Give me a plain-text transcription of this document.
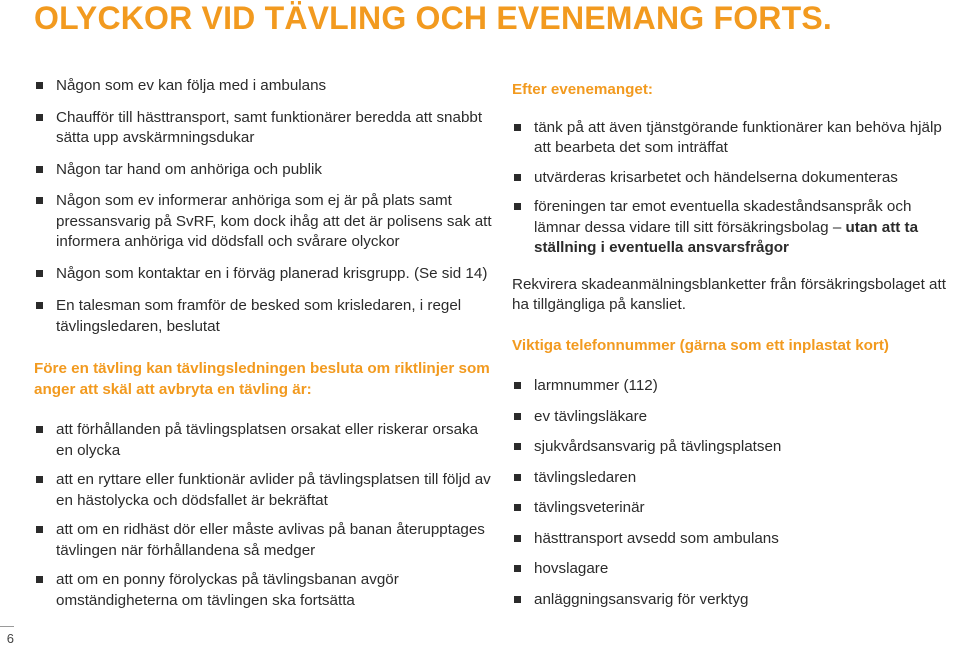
OLYCKOR VID TÄVLING OCH EVENEMANG FORTS.
Någon som ev kan följa med i ambulans
Chaufför till hästtransport, samt funktionärer beredda att snabbt sätta upp avskärmningsdukar
Någon tar hand om anhöriga och publik
Någon som ev informerar anhöriga som ej är på plats samt pressansvarig på SvRF, kom dock ihåg att det är polisens sak att informera anhöriga vid dödsfall och svårare olyckor
Någon som kontaktar en i förväg planerad krisgrupp. (Se sid 14)
En talesman som framför de besked som krisledaren, i regel tävlingsledaren, beslutat
Före en tävling kan tävlingsledningen besluta om riktlinjer som anger att skäl att avbryta en tävling är:
att förhållanden på tävlingsplatsen orsakat eller riskerar orsaka en olycka
att en ryttare eller funktionär avlider på tävlingsplatsen till följd av en hästolycka och dödsfallet är bekräftat
att om en ridhäst dör eller måste avlivas på banan återupptages tävlingen när förhållandena så medger
att om en ponny förolyckas på tävlingsbanan avgör omständigheterna om tävlingen ska fortsätta
Efter evenemanget:
tänk på att även tjänstgörande funktionärer kan behöva hjälp att bearbeta det som inträffat
utvärderas krisarbetet och händelserna dokumenteras
föreningen tar emot eventuella skadeståndsanspråk och lämnar dessa vidare till sitt försäkringsbolag – utan att ta ställning i eventuella ansvarsfrågor
Rekvirera skadeanmälningsblanketter från försäkringsbolaget att ha tillgängliga på kansliet.
Viktiga telefonnummer (gärna som ett inplastat kort)
larmnummer (112)
ev tävlingsläkare
sjukvårdsansvarig på tävlingsplatsen
tävlingsledaren
tävlingsveterinär
hästtransport avsedd som ambulans
hovslagare
anläggningsansvarig för verktyg
6
